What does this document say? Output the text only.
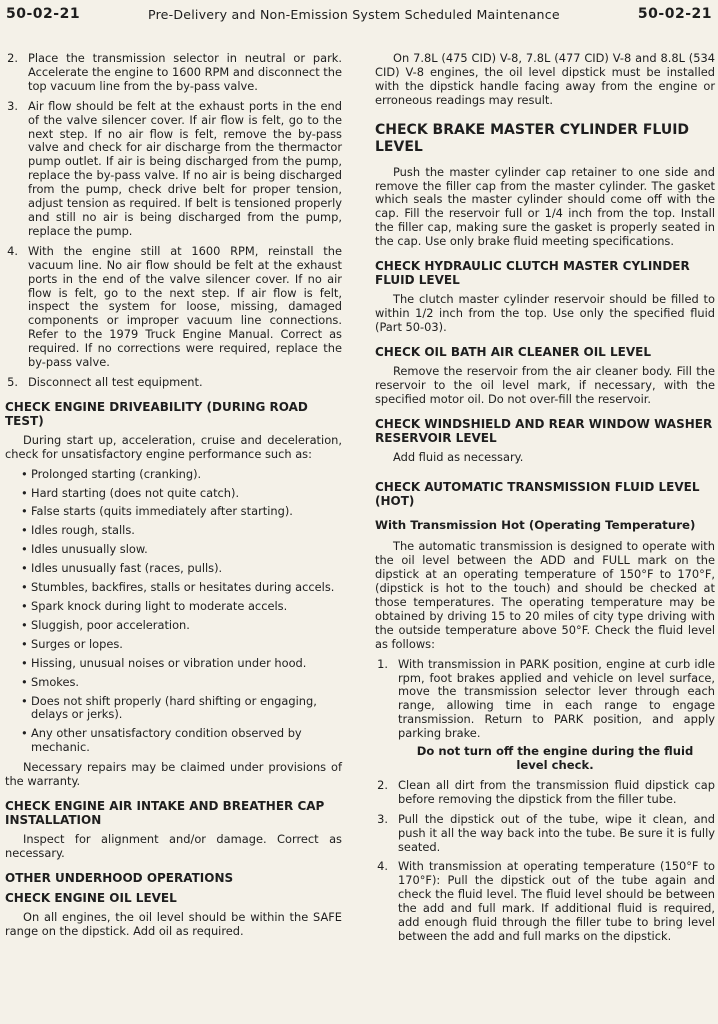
50-02-21	Pre-Delivery and Non-Emission System Scheduled Maintenance	50-02-21
2. Place the transmission selector in neutral or park. Accelerate the engine to 1600 RPM and disconnect the top vacuum line from the by-pass valve.
3. Air flow should be felt at the exhaust ports in the end of the valve silencer cover. If air flow is felt, go to the next step. If no air flow is felt, remove the by-pass valve and check for air discharge from the thermactor pump outlet. If air is being discharged from the pump, replace the by-pass valve. If no air is being discharged from the pump, check drive belt for proper tension, adjust tension as required. If belt is tensioned properly and still no air is being discharged from the pump, replace the pump.
4. With the engine still at 1600 RPM, reinstall the vacuum line. No air flow should be felt at the exhaust ports in the end of the valve silencer cover. If no air flow is felt, go to the next step. If air flow is felt, inspect the system for loose, missing, damaged components or improper vacuum line connections. Refer to the 1979 Truck Engine Manual. Correct as required. If no corrections were required, replace the by-pass valve.
5. Disconnect all test equipment.
CHECK ENGINE DRIVEABILITY (DURING ROAD TEST)

During start up, acceleration, cruise and deceleration, check for unsatisfactory engine performance such as:

• Prolonged starting (cranking).
• Hard starting (does not quite catch).
• False starts (quits immediately after starting).
• Idles rough, stalls.
• Idles unusually slow.
• Idles unusually fast (races, pulls).
• Stumbles, backfires, stalls or hesitates during accels.
• Spark knock during light to moderate accels.
• Sluggish, poor acceleration.
• Surges or lopes.
• Hissing, unusual noises or vibration under hood.
• Smokes.
• Does not shift properly (hard shifting or engaging, delays or jerks).
• Any other unsatisfactory condition observed by mechanic.

Necessary repairs may be claimed under provisions of the warranty.

CHECK ENGINE AIR INTAKE AND BREATHER CAP INSTALLATION

Inspect for alignment and/or damage. Correct as necessary.

OTHER UNDERHOOD OPERATIONS
CHECK ENGINE OIL LEVEL

On all engines, the oil level should be within the SAFE range on the dipstick. Add oil as required.

On 7.8L (475 CID) V-8, 7.8L (477 CID) V-8 and 8.8L (534 CID) V-8 engines, the oil level dipstick must be installed with the dipstick handle facing away from the engine or erroneous readings may result.

CHECK BRAKE MASTER CYLINDER FLUID LEVEL

Push the master cylinder cap retainer to one side and remove the filler cap from the master cylinder. The gasket which seals the master cylinder should come off with the cap. Fill the reservoir full or 1/4 inch from the top. Install the filler cap, making sure the gasket is properly seated in the cap. Use only brake fluid meeting specifications.

CHECK HYDRAULIC CLUTCH MASTER CYLINDER FLUID LEVEL

The clutch master cylinder reservoir should be filled to within 1/2 inch from the top. Use only the specified fluid (Part 50-03).

CHECK OIL BATH AIR CLEANER OIL LEVEL

Remove the reservoir from the air cleaner body. Fill the reservoir to the oil level mark, if necessary, with the specified motor oil. Do not over-fill the reservoir.

CHECK WINDSHIELD AND REAR WINDOW WASHER RESERVOIR LEVEL

Add fluid as necessary.

CHECK AUTOMATIC TRANSMISSION FLUID LEVEL (HOT)
With Transmission Hot (Operating Temperature)

The automatic transmission is designed to operate with the oil level between the ADD and FULL mark on the dipstick at an operating temperature of 150°F to 170°F, (dipstick is hot to the touch) and should be checked at those temperatures. The operating temperature may be obtained by driving 15 to 20 miles of city type driving with the outside temperature above 50°F. Check the fluid level as follows:

1. With transmission in PARK position, engine at curb idle rpm, foot brakes applied and vehicle on level surface, move the transmission selector lever through each range, allowing time in each range to engage transmission. Return to PARK position, and apply parking brake.
Do not turn off the engine during the fluid level check.
2. Clean all dirt from the transmission fluid dipstick cap before removing the dipstick from the filler tube.
3. Pull the dipstick out of the tube, wipe it clean, and push it all the way back into the tube. Be sure it is fully seated.
4. With transmission at operating temperature (150°F to 170°F): Pull the dipstick out of the tube again and check the fluid level. The fluid level should be between the add and full mark. If additional fluid is required, add enough fluid through the filler tube to bring level between the add and full marks on the dipstick.
